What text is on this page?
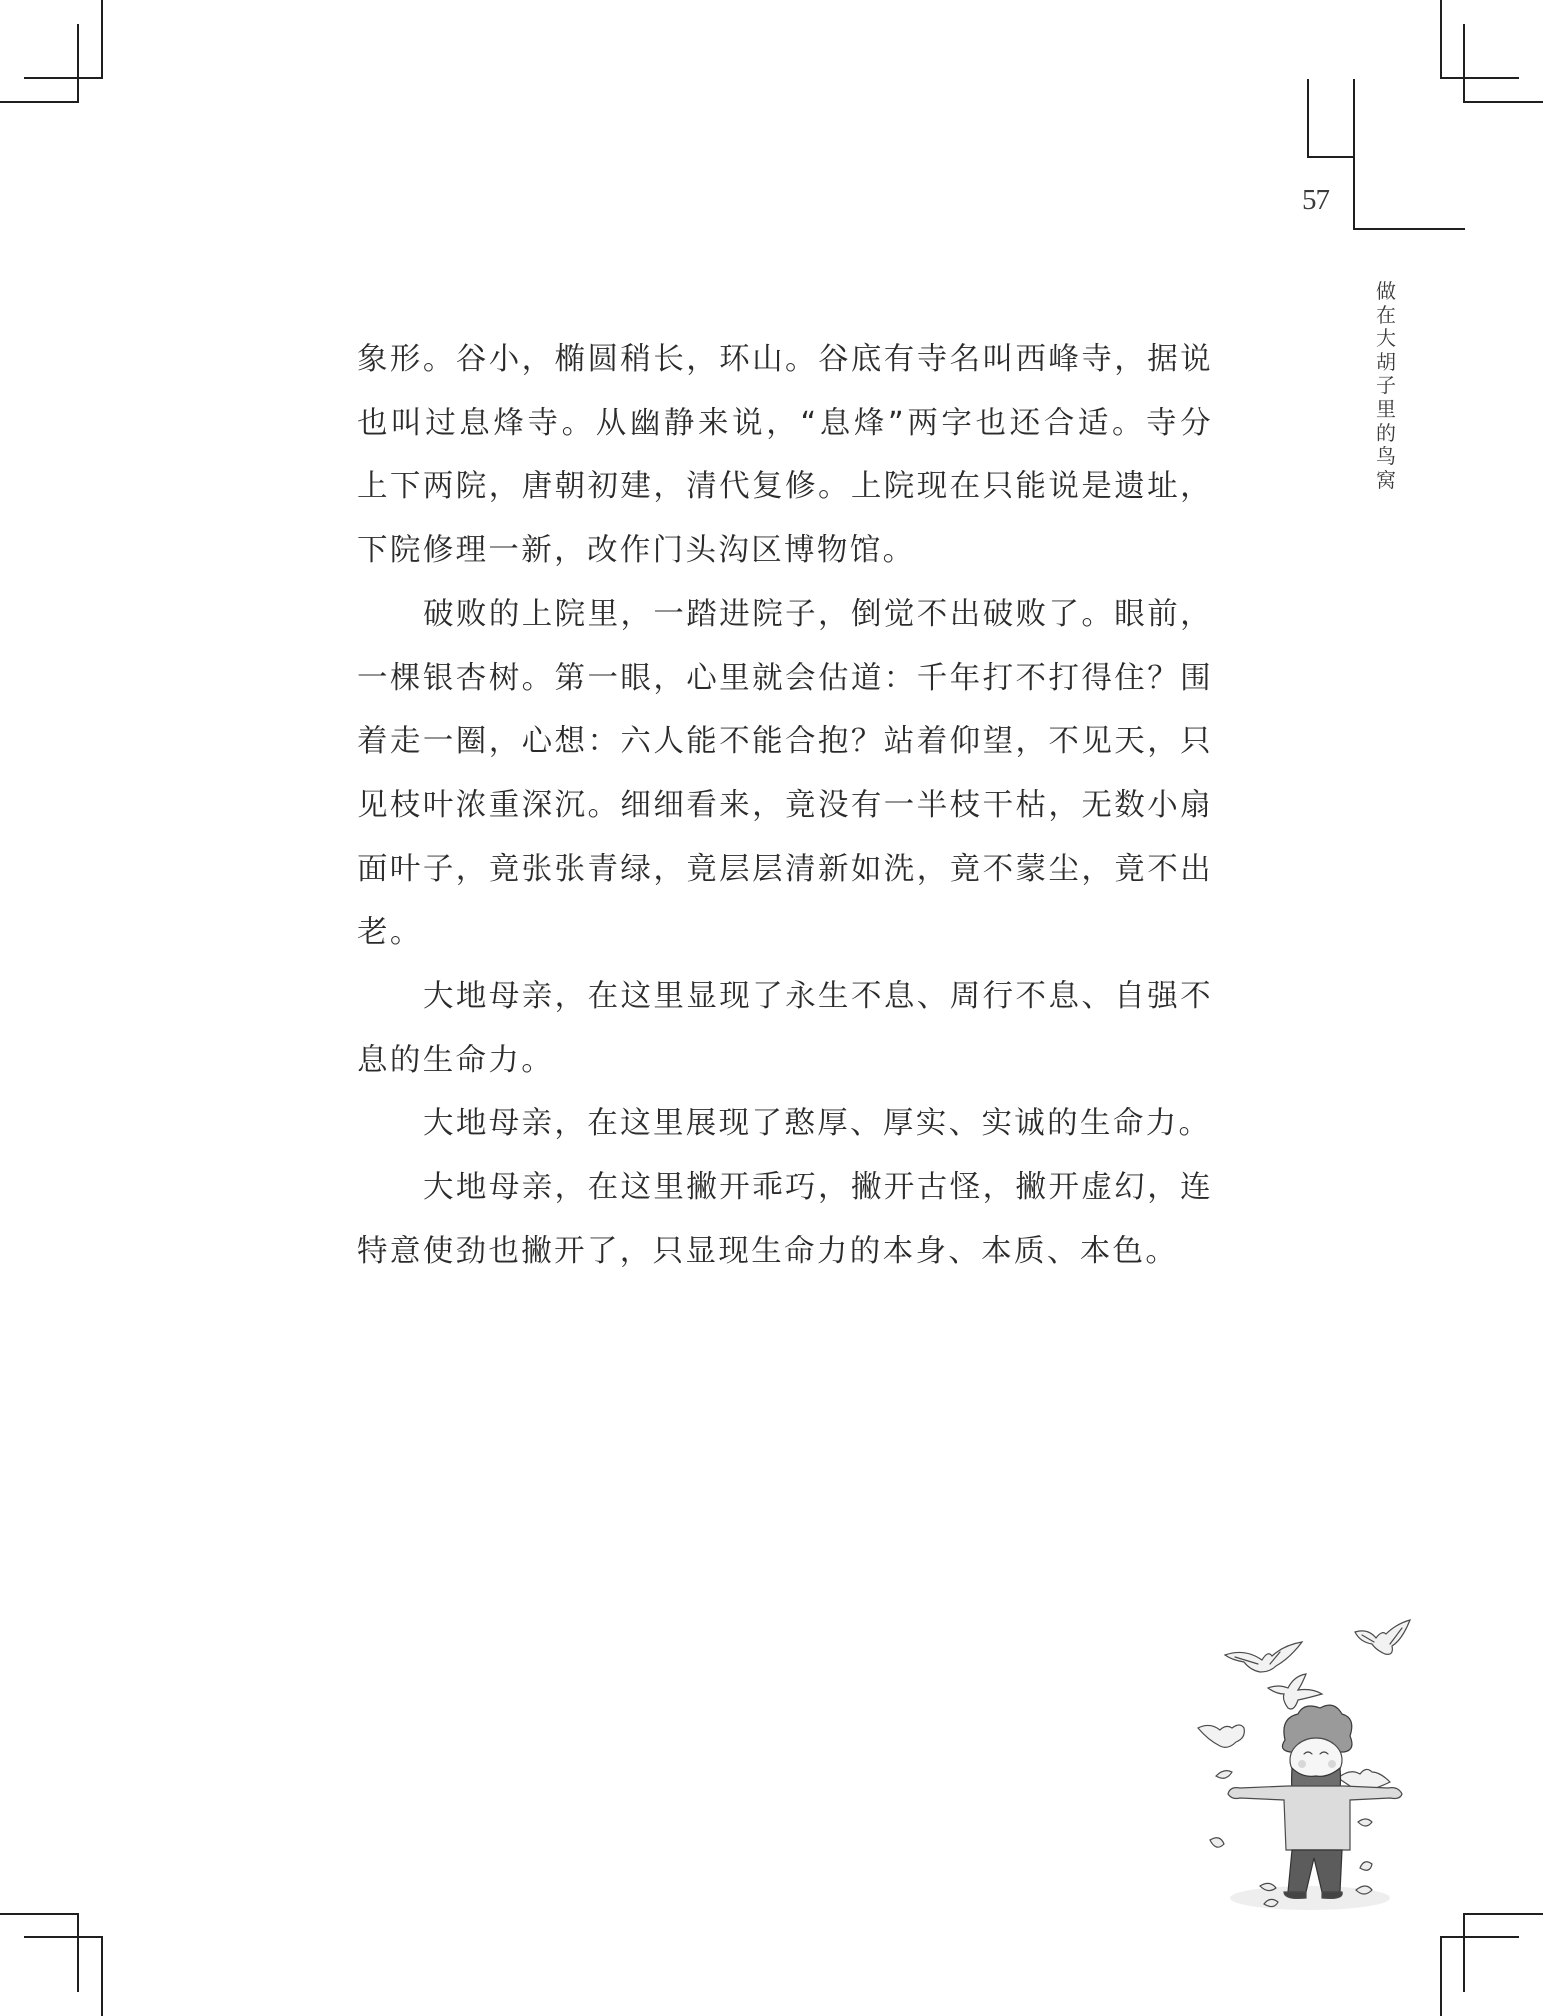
57
做
在
大
胡
子
里
的
鸟
窝

象形。谷小，椭圆稍长，环山。谷底有寺名叫西峰寺，据说也叫过息烽寺。从幽静来说，“息烽”两字也还合适。寺分上下两院，唐朝初建，清代复修。上院现在只能说是遗址，下院修理一新，改作门头沟区博物馆。

破败的上院里，一踏进院子，倒觉不出破败了。眼前，一棵银杏树。第一眼，心里就会估道：千年打不打得住？围着走一圈，心想：六人能不能合抱？站着仰望，不见天，只见枝叶浓重深沉。细细看来，竟没有一半枝干枯，无数小扇面叶子，竟张张青绿，竟层层清新如洗，竟不蒙尘，竟不出老。

大地母亲，在这里显现了永生不息、周行不息、自强不息的生命力。

大地母亲，在这里展现了憨厚、厚实、实诚的生命力。

大地母亲，在这里撇开乖巧，撇开古怪，撇开虚幻，连特意使劲也撇开了，只显现生命力的本身、本质、本色。
